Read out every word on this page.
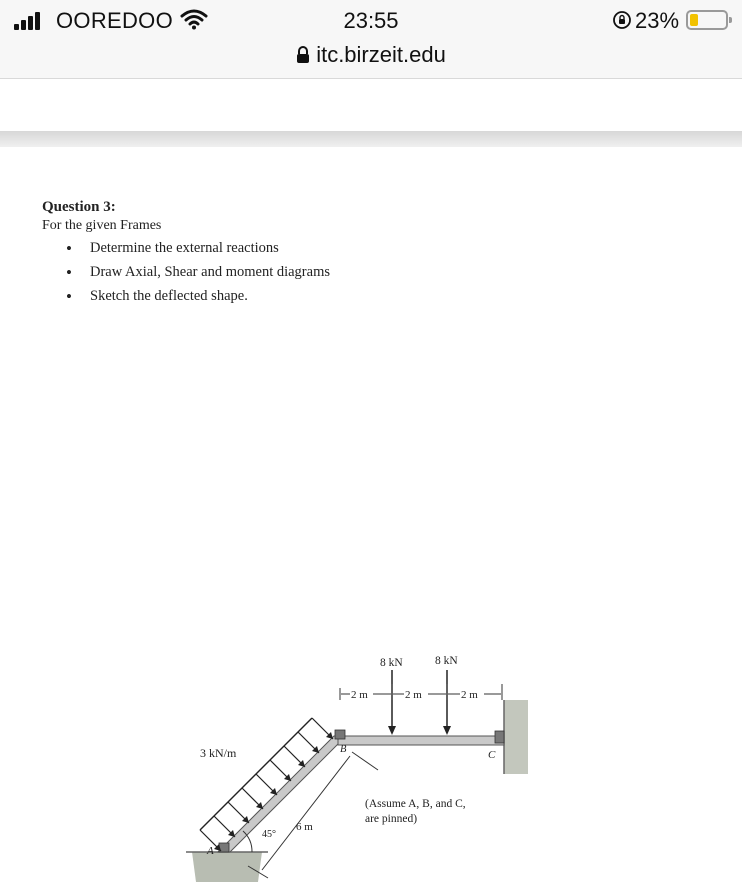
OOREDOO	23:55
itc.birzeit.edu
23%
Question 3:
For the given Frames
• Determine the external reactions
• Draw Axial, Shear and moment diagrams
• Sketch the deflected shape.
8 kN	8 kN
2 m	2 m	2 m
3 kN/m
6 m
45°
A
B	C
(Assume A, B, and C,
are pinned)
